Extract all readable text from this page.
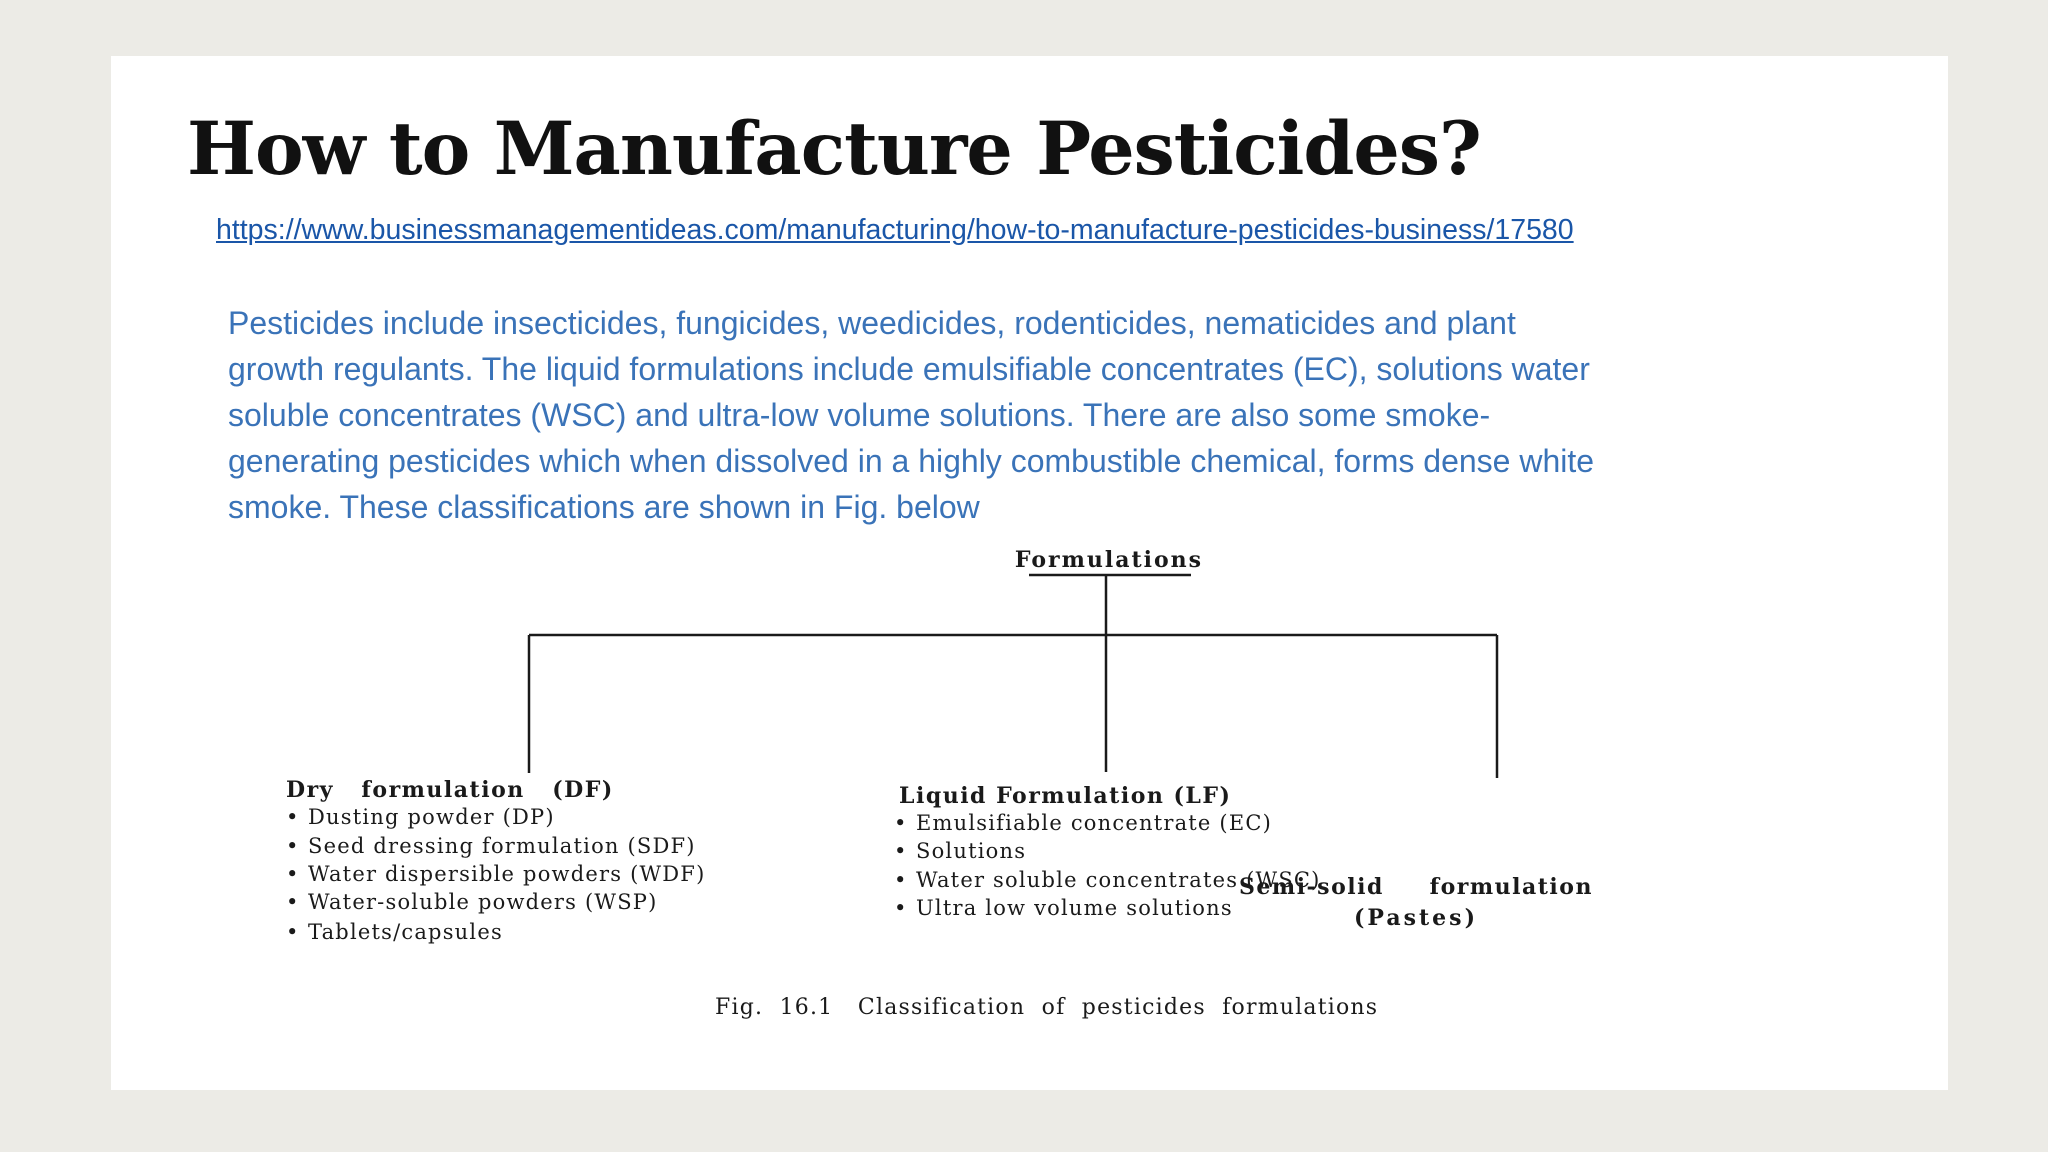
How to Manufacture Pesticides?
https://www.businessmanagementideas.com/manufacturing/how-to-manufacture-pesticides-business/17580

Pesticides include insecticides, fungicides, weedicides, rodenticides, nematicides and plant
growth regulants. The liquid formulations include emulsifiable concentrates (EC), solutions water
soluble concentrates (WSC) and ultra-low volume solutions. There are also some smoke-
generating pesticides which when dissolved in a highly combustible chemical, forms dense white
smoke. These classifications are shown in Fig. below

Formulations
Dry   formulation   (DF)
• Dusting powder (DP)
• Seed dressing formulation (SDF)
• Water dispersible powders (WDF)
• Water-soluble powders (WSP)
• Tablets/capsules
Liquid Formulation (LF)
• Emulsifiable concentrate (EC)
• Solutions
• Water soluble concentrates (WSC)
• Ultra low volume solutions
Semi-solid     formulation
(Pastes)
Fig.  16.1   Classification  of  pesticides  formulations
